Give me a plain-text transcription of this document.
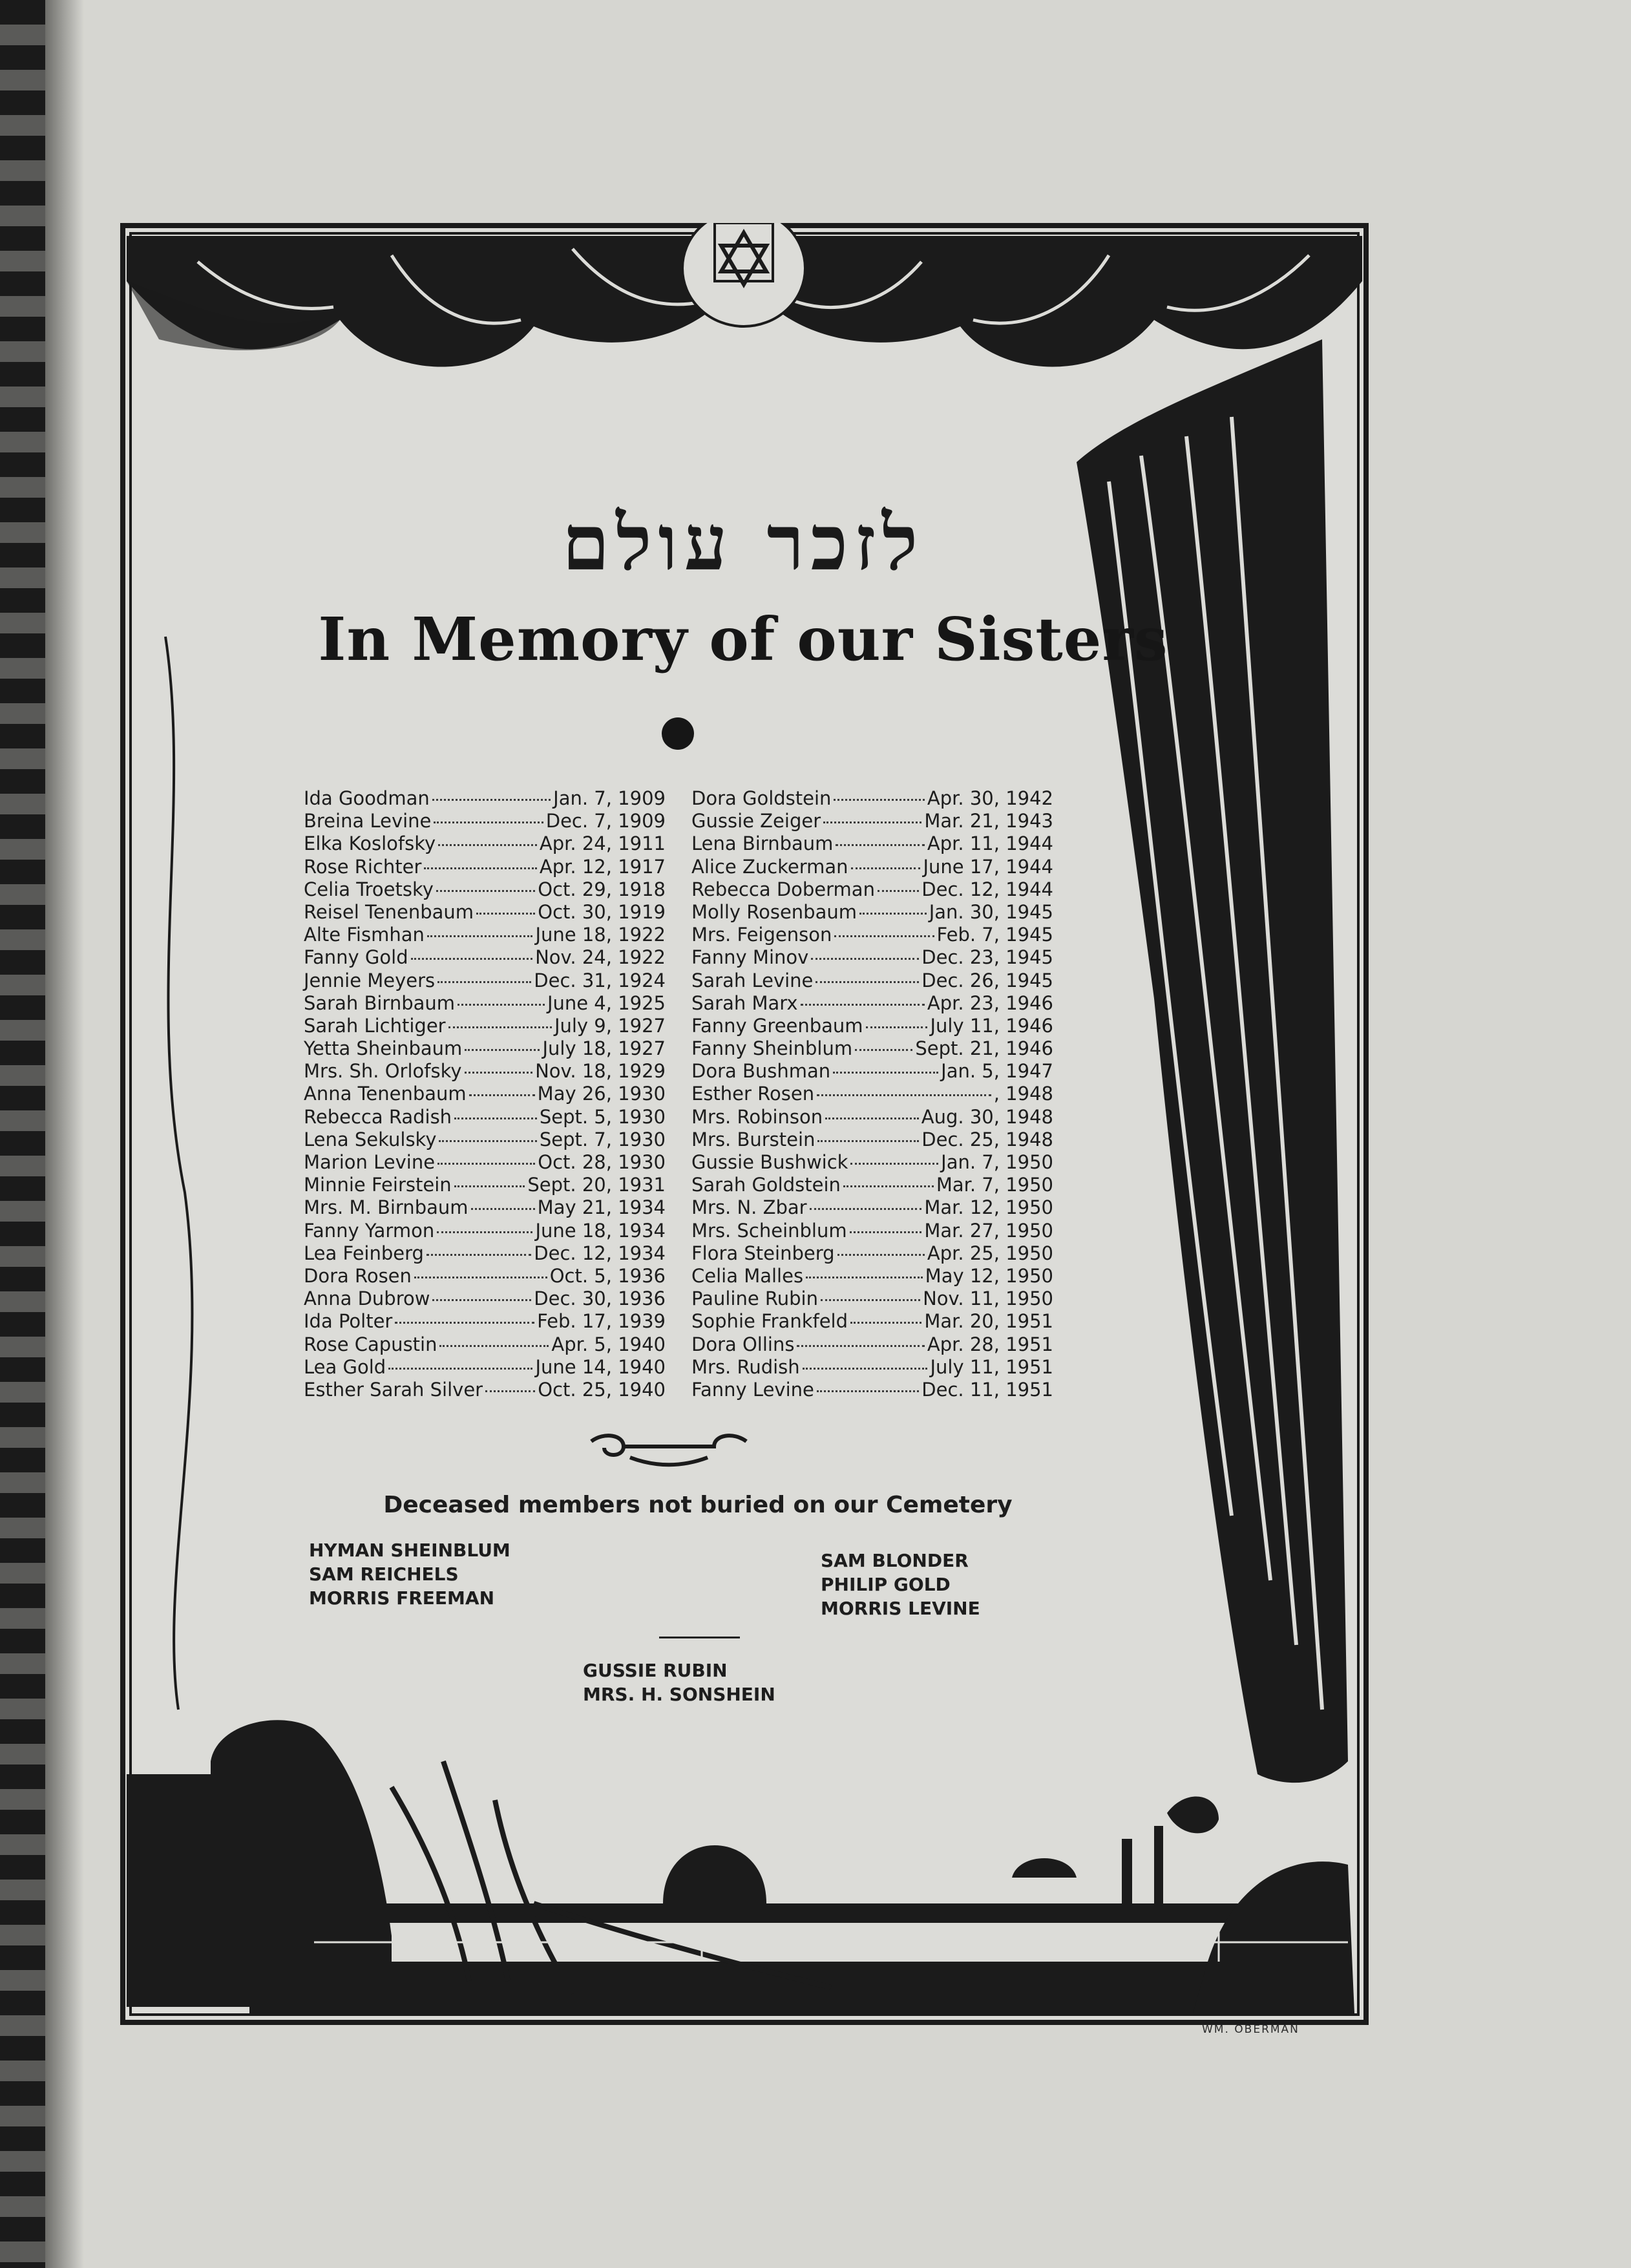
לזכר עולם
In Memory of our Sisters
Ida Goodman	Jan. 7, 1909
Breina Levine	Dec. 7, 1909
Elka Koslofsky	Apr. 24, 1911
Rose Richter	Apr. 12, 1917
Celia Troetsky	Oct. 29, 1918
Reisel Tenenbaum	Oct. 30, 1919
Alte Fismhan	June 18, 1922
Fanny Gold	Nov. 24, 1922
Jennie Meyers	Dec. 31, 1924
Sarah Birnbaum	June 4, 1925
Sarah Lichtiger	July 9, 1927
Yetta Sheinbaum	July 18, 1927
Mrs. Sh. Orlofsky	Nov. 18, 1929
Anna Tenenbaum	May 26, 1930
Rebecca Radish	Sept. 5, 1930
Lena Sekulsky	Sept. 7, 1930
Marion Levine	Oct. 28, 1930
Minnie Feirstein	Sept. 20, 1931
Mrs. M. Birnbaum	May 21, 1934
Fanny Yarmon	June 18, 1934
Lea Feinberg	Dec. 12, 1934
Dora Rosen	Oct. 5, 1936
Anna Dubrow	Dec. 30, 1936
Ida Polter	Feb. 17, 1939
Rose Capustin	Apr. 5, 1940
Lea Gold	June 14, 1940
Esther Sarah Silver	Oct. 25, 1940
Dora Goldstein	Apr. 30, 1942
Gussie Zeiger	Mar. 21, 1943
Lena Birnbaum	Apr. 11, 1944
Alice Zuckerman	June 17, 1944
Rebecca Doberman Dec. 12, 1944
Molly Rosenbaum	Jan. 30, 1945
Mrs. Feigenson	Feb. 7, 1945
Fanny Minov	Dec. 23, 1945
Sarah Levine	Dec. 26, 1945
Sarah Marx	Apr. 23, 1946
Fanny Greenbaum	July 11, 1946
Fanny Sheinblum	Sept. 21, 1946
Dora Bushman	Jan. 5, 1947
Esther Rosen	, 1948
Mrs. Robinson	Aug. 30, 1948
Mrs. Burstein	Dec. 25, 1948
Gussie Bushwick	Jan. 7, 1950
Sarah Goldstein	Mar. 7, 1950
Mrs. N. Zbar	Mar. 12, 1950
Mrs. Scheinblum	Mar. 27, 1950
Flora Steinberg	Apr. 25, 1950
Celia Malles	May 12, 1950
Pauline Rubin	Nov. 11, 1950
Sophie Frankfeld	Mar. 20, 1951
Dora Ollins	Apr. 28, 1951
Mrs. Rudish	July 11, 1951
Fanny Levine	Dec. 11, 1951
Deceased members not buried on our Cemetery
HYMAN SHEINBLUM
SAM REICHELS
MORRIS FREEMAN
SAM BLONDER
PHILIP GOLD
MORRIS LEVINE
GUSSIE RUBIN
MRS. H. SONSHEIN
WM. OBERMAN
